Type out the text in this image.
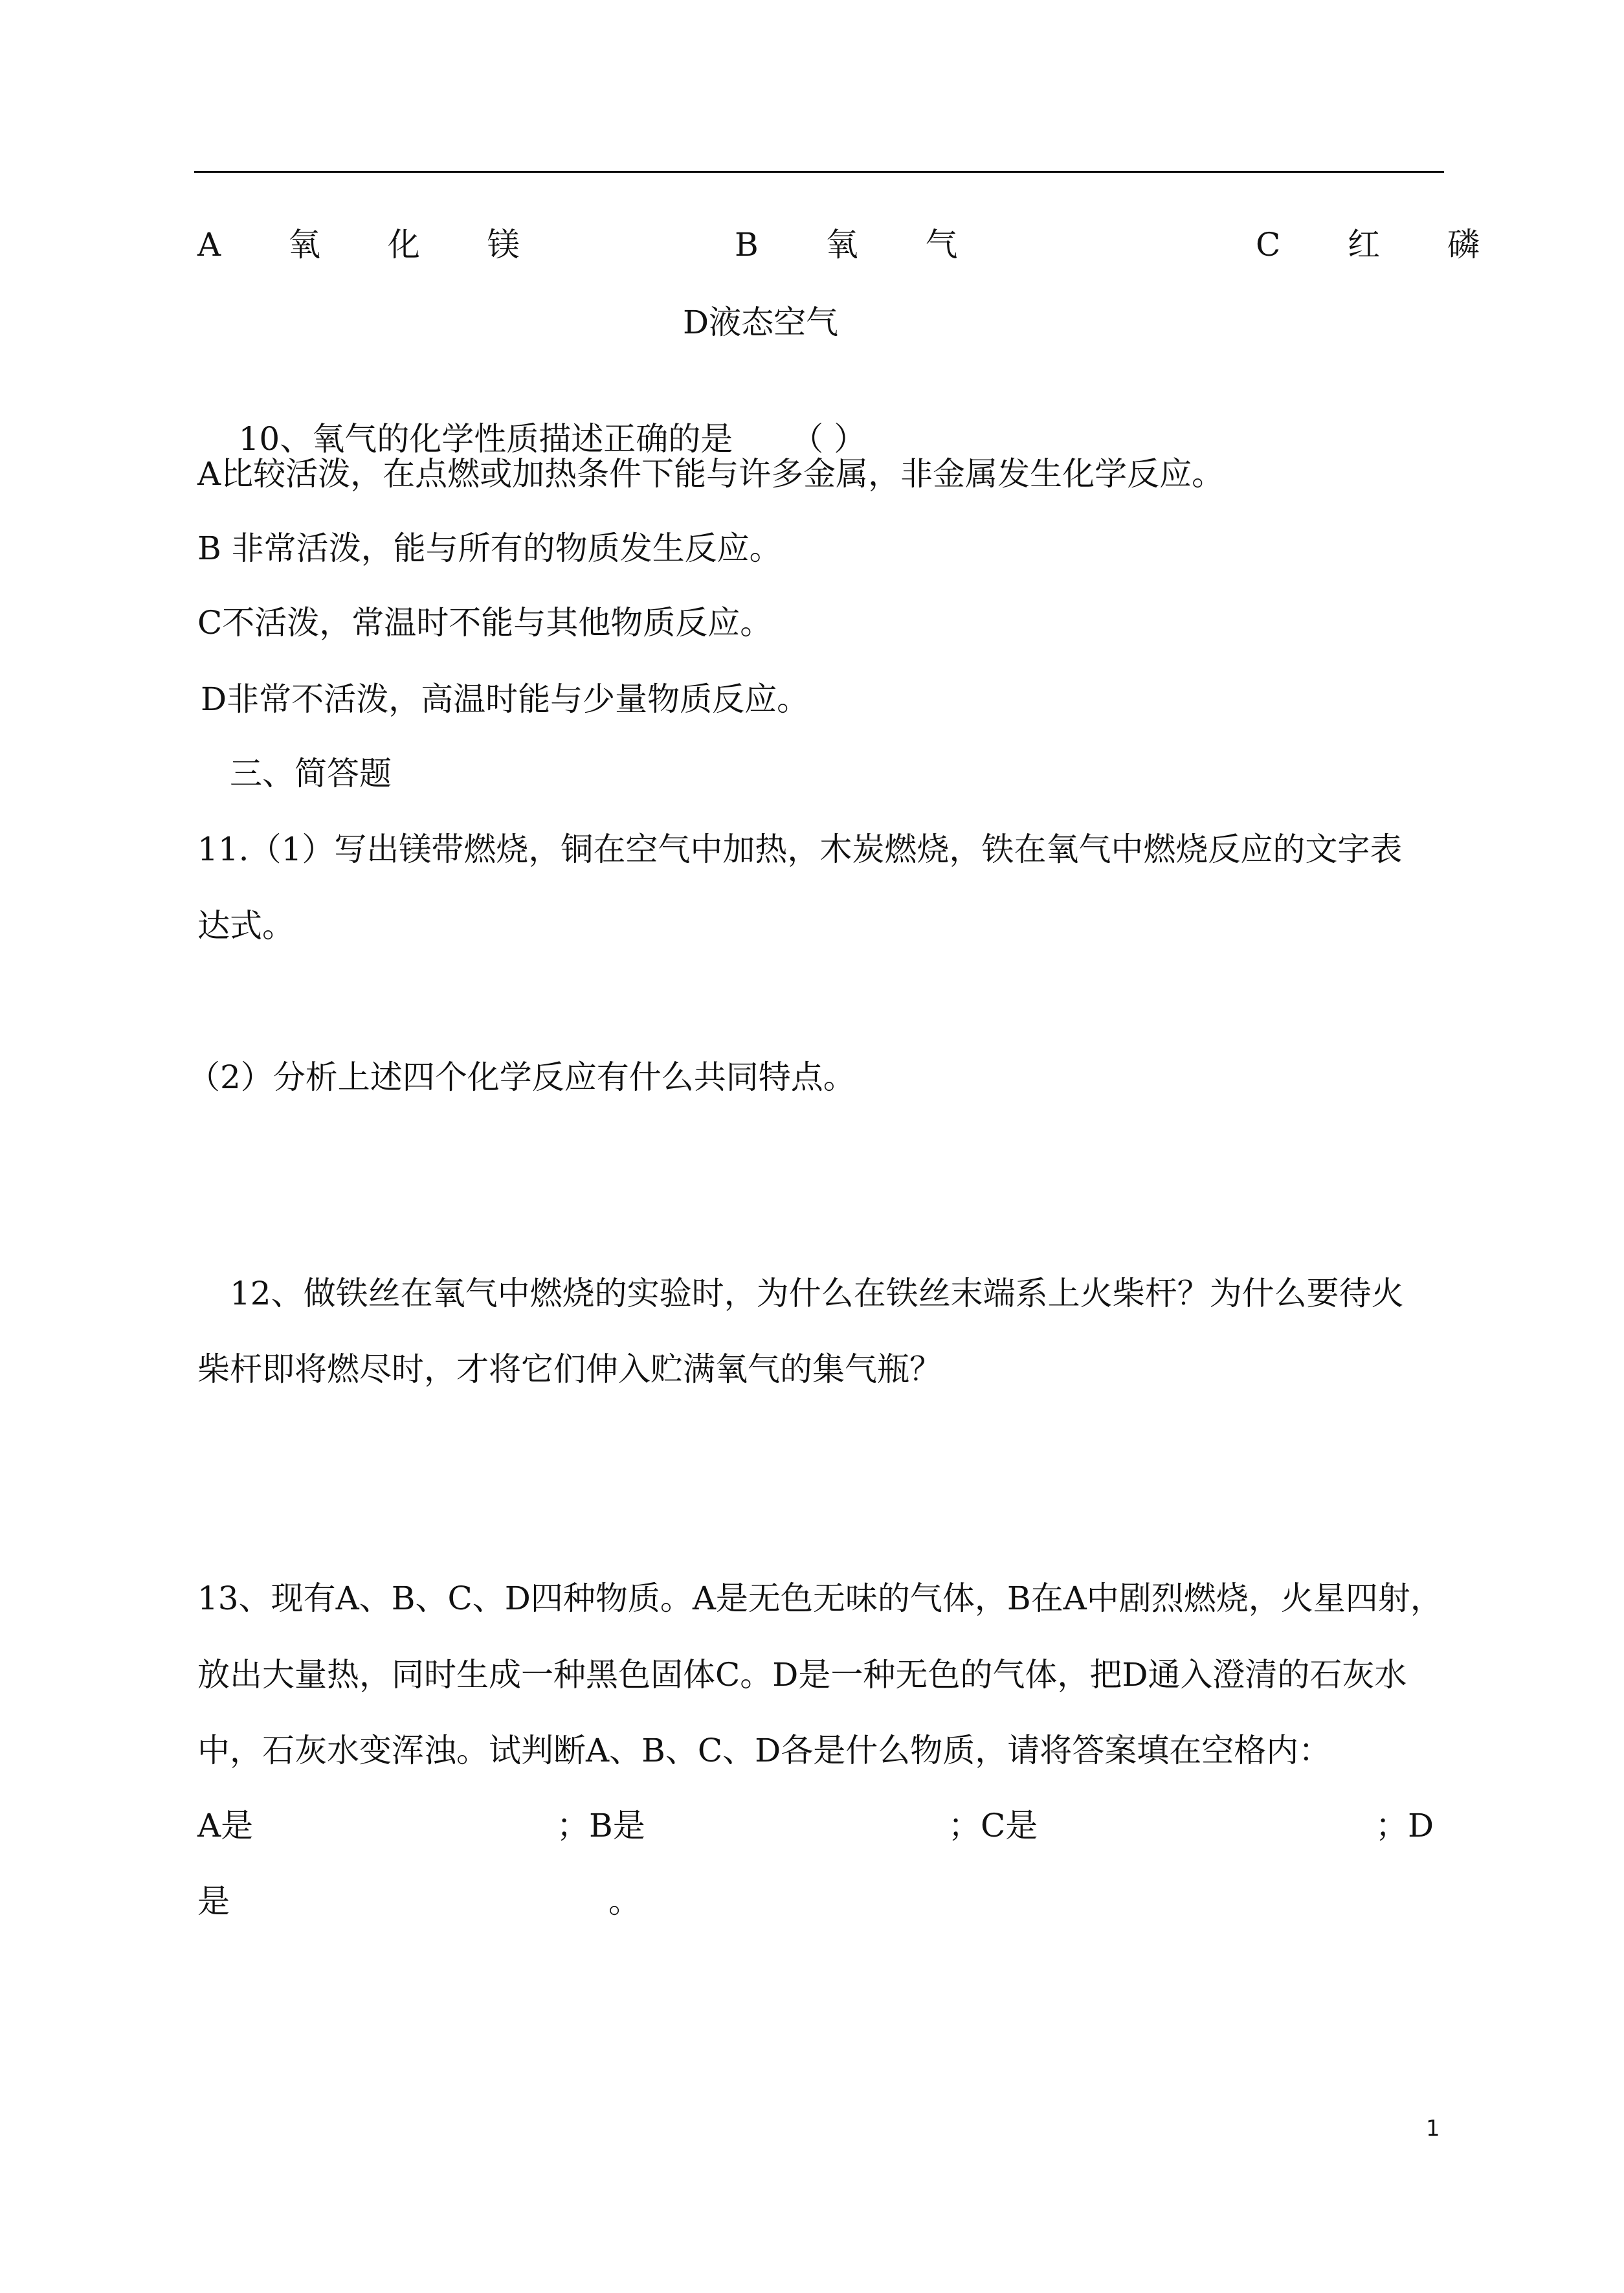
A 氧 化 镁	B 氧 气	C 红 磷
D液态空气

10、氧气的化学性质描述正确的是 （ ）

A比较活泼，在点燃或加热条件下能与许多金属，非金属发生化学反应。
B 非常活泼，能与所有的物质发生反应。
C不活泼，常温时不能与其他物质反应。
D非常不活泼，高温时能与少量物质反应。
三、简答题
11.（1）写出镁带燃烧，铜在空气中加热，木炭燃烧，铁在氧气中燃烧反应的文字表
达式。
（2）分析上述四个化学反应有什么共同特点。
12、做铁丝在氧气中燃烧的实验时，为什么在铁丝末端系上火柴杆？为什么要待火
柴杆即将燃尽时，才将它们伸入贮满氧气的集气瓶？
13、现有A、B、C、D四种物质。A是无色无味的气体，B在A中剧烈燃烧，火星四射，
放出大量热，同时生成一种黑色固体C。D是一种无色的气体，把D通入澄清的石灰水
中，石灰水变浑浊。试判断A、B、C、D各是什么物质，请将答案填在空格内：
A是	；B是	；C是	；D
是	。
1
